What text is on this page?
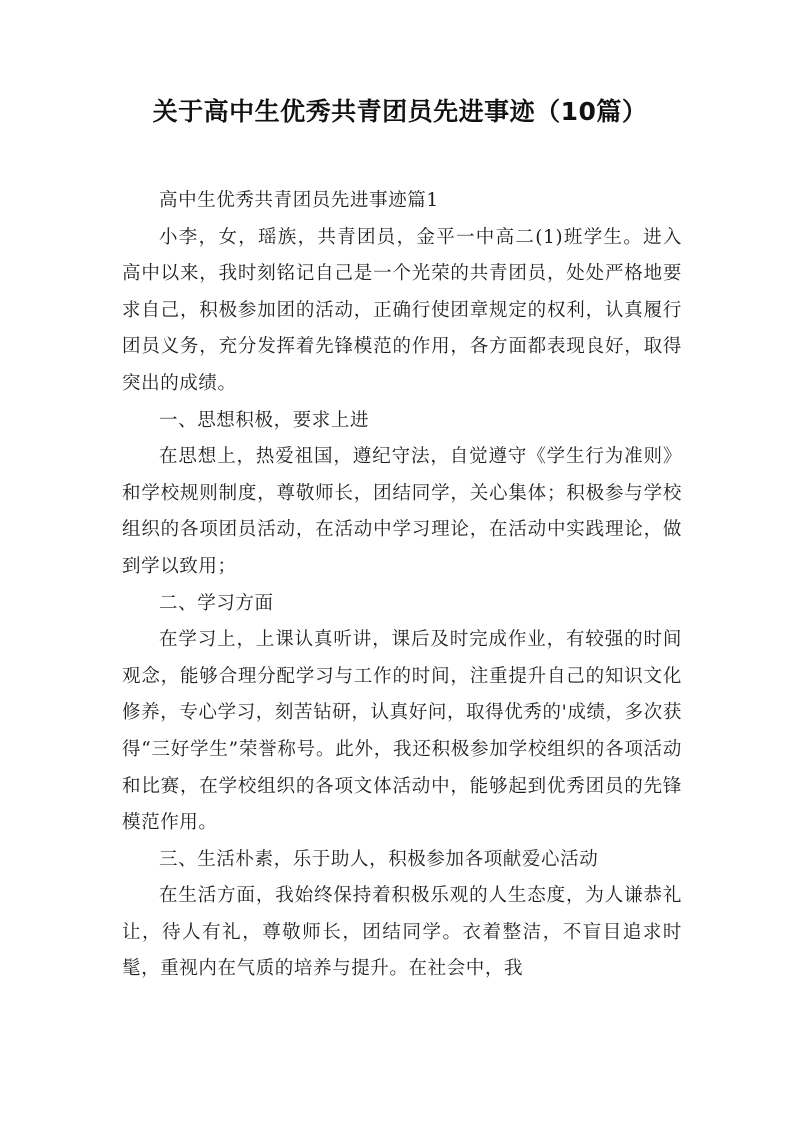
关于高中生优秀共青团员先进事迹（10篇）

高中生优秀共青团员先进事迹篇1

小李，女，瑶族，共青团员，金平一中高二(1)班学生。进入高中以来，我时刻铭记自己是一个光荣的共青团员，处处严格地要求自己，积极参加团的活动，正确行使团章规定的权利，认真履行团员义务，充分发挥着先锋模范的作用，各方面都表现良好，取得突出的成绩。

一、思想积极，要求上进

在思想上，热爱祖国，遵纪守法，自觉遵守《学生行为准则》和学校规则制度，尊敬师长，团结同学，关心集体；积极参与学校组织的各项团员活动，在活动中学习理论，在活动中实践理论，做到学以致用；

二、学习方面

在学习上，上课认真听讲，课后及时完成作业，有较强的时间观念，能够合理分配学习与工作的时间，注重提升自己的知识文化修养，专心学习，刻苦钻研，认真好问，取得优秀的'成绩，多次获得“三好学生”荣誉称号。此外，我还积极参加学校组织的各项活动和比赛，在学校组织的各项文体活动中，能够起到优秀团员的先锋模范作用。

三、生活朴素，乐于助人，积极参加各项献爱心活动

在生活方面，我始终保持着积极乐观的人生态度，为人谦恭礼让，待人有礼，尊敬师长，团结同学。衣着整洁，不盲目追求时髦，重视内在气质的培养与提升。在社会中，我
